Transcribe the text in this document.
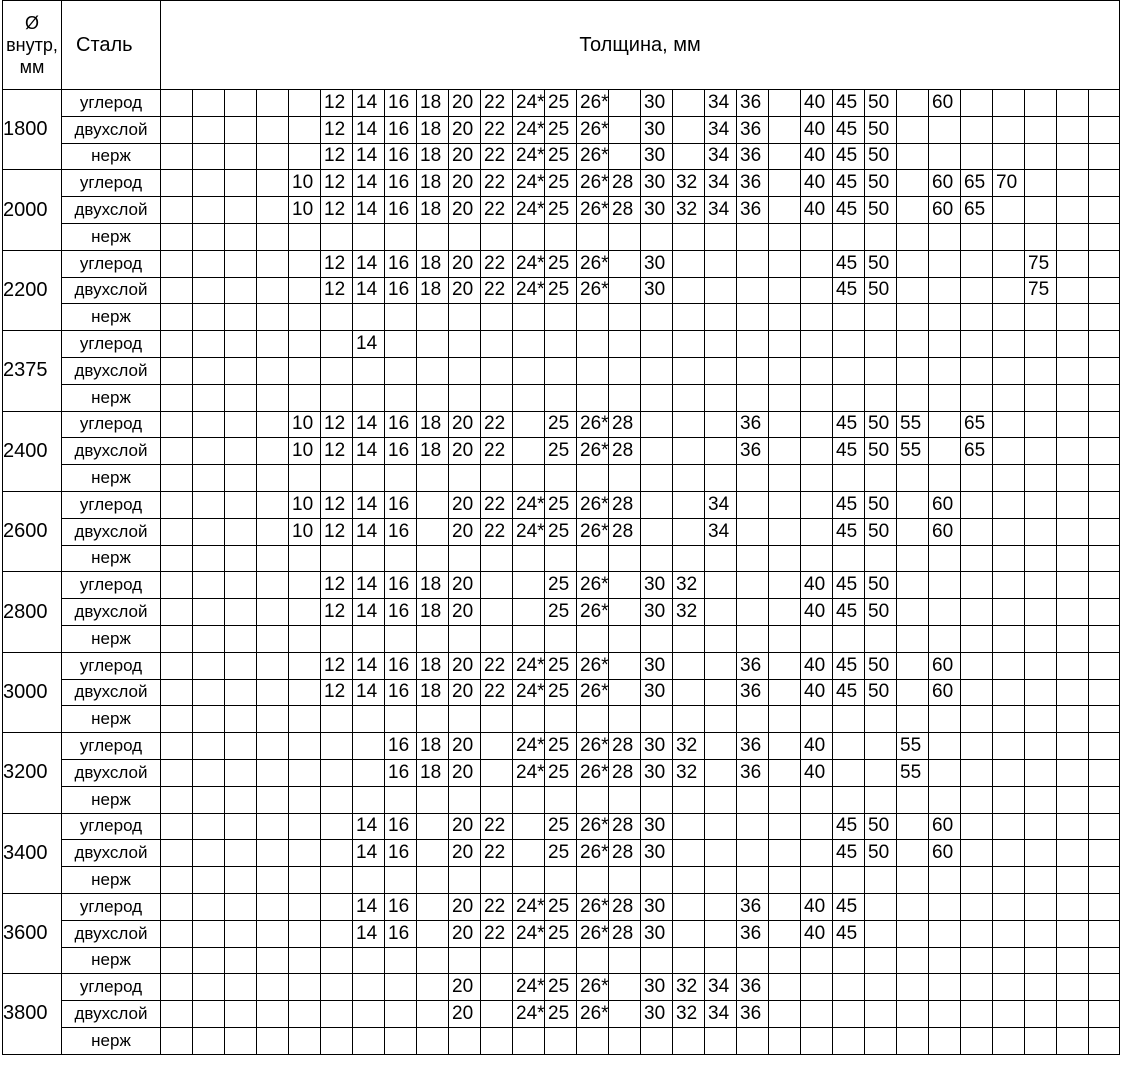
Ø
внутр,
мм	Сталь	Толщина, мм																													
1800	углерод						12	14	16	18	20	22	24*	25	26*		30		34	36		40	45	50		60					
	двухслой						12	14	16	18	20	22	24*	25	26*		30		34	36		40	45	50							
	нерж						12	14	16	18	20	22	24*	25	26*		30		34	36		40	45	50							
2000	углерод					10	12	14	16	18	20	22	24*	25	26*	28	30	32	34	36		40	45	50		60	65	70			
	двухслой					10	12	14	16	18	20	22	24*	25	26*	28	30	32	34	36		40	45	50		60	65				
	нерж																														
2200	углерод						12	14	16	18	20	22	24*	25	26*		30						45	50					75		
	двухслой						12	14	16	18	20	22	24*	25	26*		30						45	50					75		
	нерж																														
2375	углерод							14																							
	двухслой																														
	нерж																														
2400	углерод					10	12	14	16	18	20	22		25	26*	28				36			45	50	55		65				
	двухслой					10	12	14	16	18	20	22		25	26*	28				36			45	50	55		65				
	нерж																														
2600	углерод					10	12	14	16		20	22	24*	25	26*	28			34				45	50		60					
	двухслой					10	12	14	16		20	22	24*	25	26*	28			34				45	50		60					
	нерж																														
2800	углерод						12	14	16	18	20			25	26*		30	32				40	45	50							
	двухслой						12	14	16	18	20			25	26*		30	32				40	45	50							
	нерж																														
3000	углерод						12	14	16	18	20	22	24*	25	26*		30			36		40	45	50		60					
	двухслой						12	14	16	18	20	22	24*	25	26*		30			36		40	45	50		60					
	нерж																														
3200	углерод								16	18	20		24*	25	26*	28	30	32		36		40			55						
	двухслой								16	18	20		24*	25	26*	28	30	32		36		40			55						
	нерж																														
3400	углерод							14	16		20	22		25	26*	28	30						45	50		60					
	двухслой							14	16		20	22		25	26*	28	30						45	50		60					
	нерж																														
3600	углерод							14	16		20	22	24*	25	26*	28	30			36		40	45								
	двухслой							14	16		20	22	24*	25	26*	28	30			36		40	45								
	нерж																														
3800	углерод										20		24*	25	26*		30	32	34	36											
	двухслой										20		24*	25	26*		30	32	34	36											
	нерж																														
